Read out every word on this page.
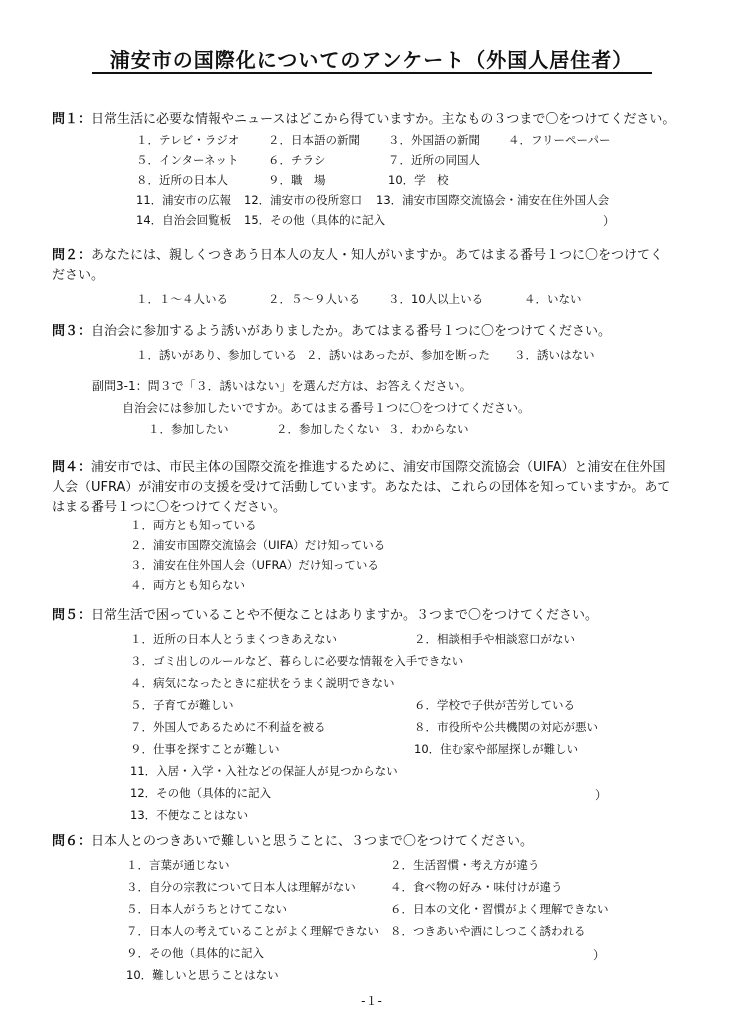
浦安市の国際化についてのアンケート（外国人居住者）
問１：日常生活に必要な情報やニュースはどこから得ていますか。主なもの３つまで〇をつけてください。
１．テレビ・ラジオ ２．日本語の新聞 ３．外国語の新聞 ４．フリーペーパー
５．インターネット	６．チラシ	７．近所の同国人
８．近所の日本人	９．職　場	10．学　校
11．浦安市の広報 12．浦安市の役所窓口 13．浦安市国際交流協会・浦安在住外国人会
14．自治会回覧板 15．その他（具体的に記入	）
問２：あなたには、親しくつきあう日本人の友人・知人がいますか。あてはまる番号１つに〇をつけてください。
１．１～４人いる	２．５～９人いる ３．10人以上いる	４．いない
問３：自治会に参加するよう誘いがありましたか。あてはまる番号１つに〇をつけてください。
１．誘いがあり、参加している ２．誘いはあったが、参加を断った ３．誘いはない
副問3-1：問３で「３．誘いはない」を選んだ方は、お答えください。
自治会には参加したいですか。あてはまる番号１つに〇をつけてください。
１．参加したい	２．参加したくない ３．わからない
問４：浦安市では、市民主体の国際交流を推進するために、浦安市国際交流協会（UIFA）と浦安在住外国人会（UFRA）が浦安市の支援を受けて活動しています。あなたは、これらの団体を知っていますか。あてはまる番号１つに〇をつけてください。
１．両方とも知っている
２．浦安市国際交流協会（UIFA）だけ知っている
３．浦安在住外国人会（UFRA）だけ知っている
４．両方とも知らない
問５：日常生活で困っていることや不便なことはありますか。３つまで〇をつけてください。
１．近所の日本人とうまくつきあえない	２．相談相手や相談窓口がない
３．ゴミ出しのルールなど、暮らしに必要な情報を入手できない
４．病気になったときに症状をうまく説明できない
５．子育てが難しい	６．学校で子供が苦労している
７．外国人であるために不利益を被る	８．市役所や公共機関の対応が悪い
９．仕事を探すことが難しい	10．住む家や部屋探しが難しい
11．入居・入学・入社などの保証人が見つからない
12．その他（具体的に記入	）
13．不便なことはない
問６：日本人とのつきあいで難しいと思うことに、３つまで〇をつけてください。
１．言葉が通じない	２．生活習慣・考え方が違う
３．自分の宗教について日本人は理解がない	４．食べ物の好み・味付けが違う
５．日本人がうちとけてこない	６．日本の文化・習慣がよく理解できない
７．日本人の考えていることがよく理解できない ８．つきあいや酒にしつこく誘われる
９．その他（具体的に記入	）
10．難しいと思うことはない
-１-
